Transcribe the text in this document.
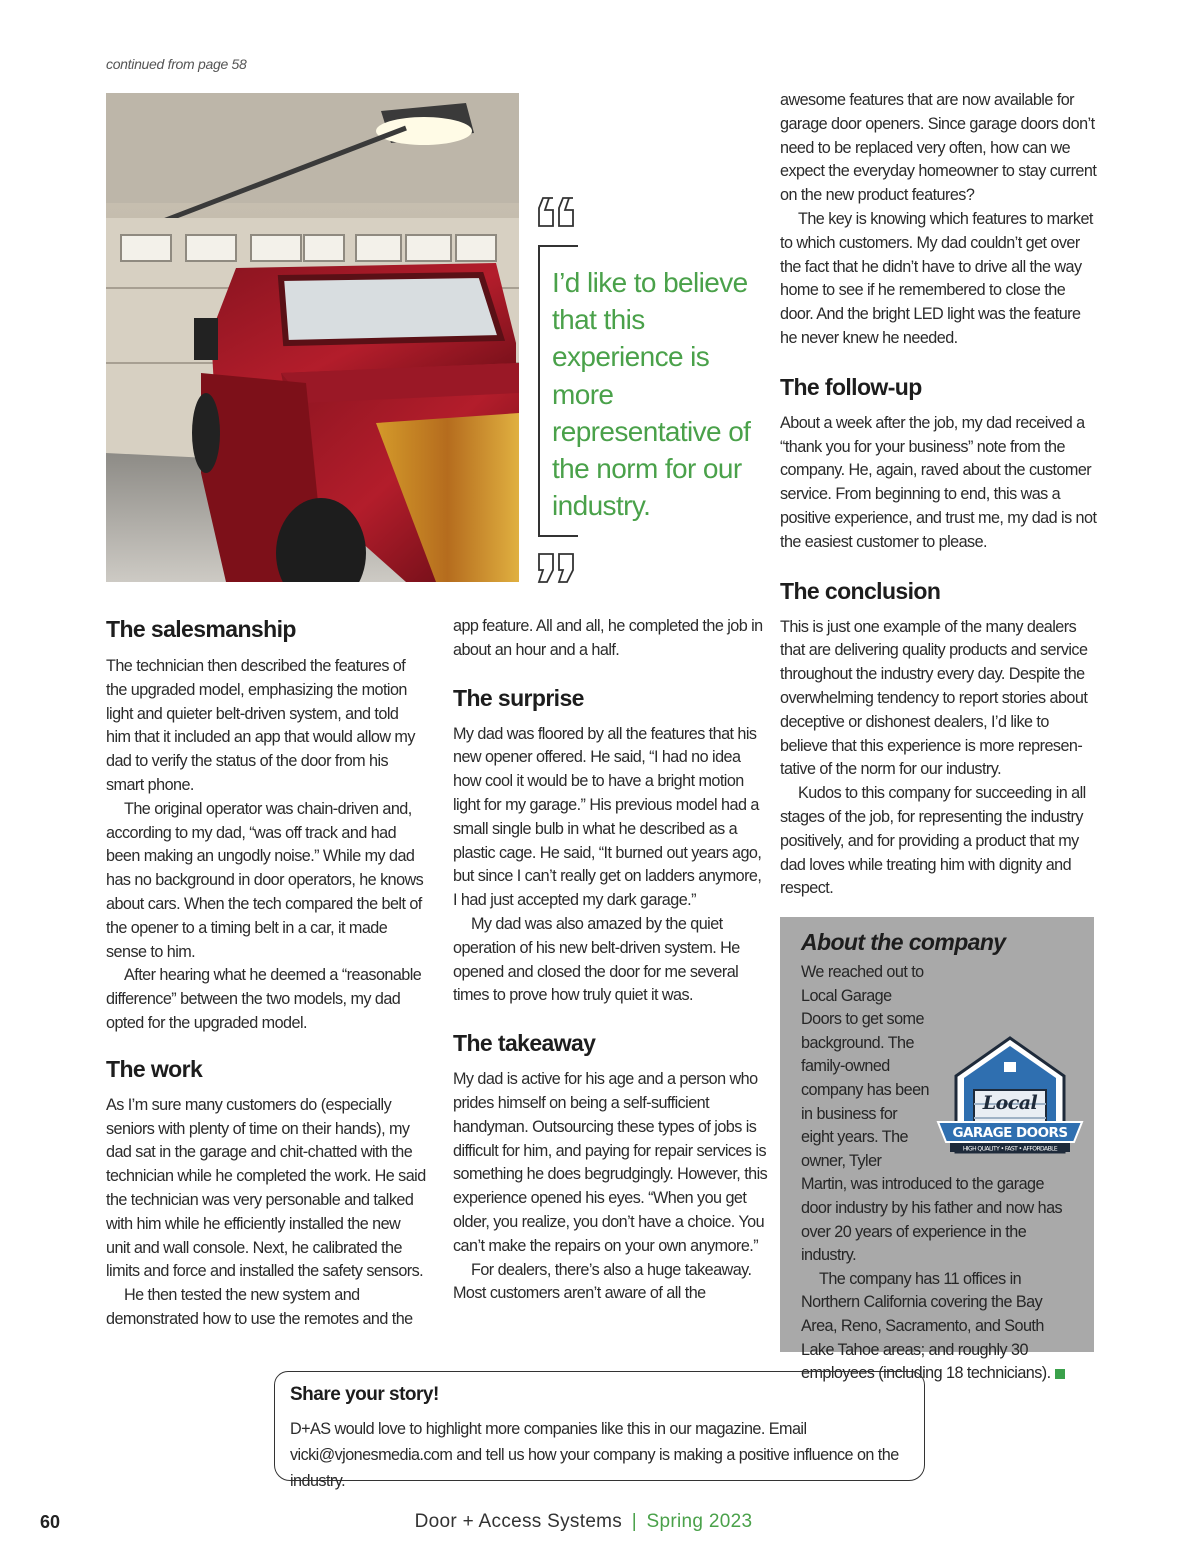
continued from page 58
I’d like to believe that this experience is more representative of the norm for our industry.
The salesmanship

The technician then described the features of the upgraded model, emphasizing the motion light and quieter belt-driven system, and told him that it included an app that would allow my dad to verify the status of the door from his smart phone.

The original operator was chain-driven and, according to my dad, “was off track and had been making an ungodly noise.” While my dad has no background in door operators, he knows about cars. When the tech compared the belt of the opener to a timing belt in a car, it made sense to him.

After hearing what he deemed a “reasonable difference” between the two models, my dad opted for the upgraded model.

The work

As I’m sure many customers do (especially seniors with plenty of time on their hands), my dad sat in the garage and chit-chatted with the technician while he completed the work. He said the technician was very personable and talked with him while he efficiently installed the new unit and wall console. Next, he calibrated the limits and force and installed the safety sensors.

He then tested the new system and demonstrated how to use the remotes and the

app feature. All and all, he completed the job in about an hour and a half.

The surprise

My dad was floored by all the features that his new opener offered. He said, “I had no idea how cool it would be to have a bright motion light for my garage.” His previous model had a small single bulb in what he described as a plastic cage. He said, “It burned out years ago, but since I can’t really get on ladders anymore, I had just accepted my dark garage.”

My dad was also amazed by the quiet operation of his new belt-driven system. He opened and closed the door for me several times to prove how truly quiet it was.

The takeaway

My dad is active for his age and a person who prides himself on being a self-sufficient handyman. Outsourcing these types of jobs is difficult for him, and paying for repair services is something he does begrudgingly. However, this experience opened his eyes. “When you get older, you realize, you don’t have a choice. You can’t make the repairs on your own anymore.”

For dealers, there’s also a huge takeaway. Most customers aren’t aware of all the

awesome features that are now available for garage door openers. Since garage doors don’t need to be replaced very often, how can we expect the everyday homeowner to stay current on the new product features?

The key is knowing which features to market to which customers. My dad couldn’t get over the fact that he didn’t have to drive all the way home to see if he remembered to close the door. And the bright LED light was the feature he never knew he needed.

The follow-up

About a week after the job, my dad received a “thank you for your business” note from the company. He, again, raved about the customer service. From beginning to end, this was a positive experience, and trust me, my dad is not the easiest customer to please.

The conclusion

This is just one example of the many dealers that are delivering quality products and service throughout the industry every day. Despite the overwhelming tendency to report stories about deceptive or dishonest dealers, I’d like to believe that this experience is more represen-tative of the norm for our industry.

Kudos to this company for succeeding in all stages of the job, for representing the industry positively, and for providing a product that my dad loves while treating him with dignity and respect.

About the company

Local
GARAGE DOORS
HIGH QUALITY • FAST • AFFORDABLE
We reached out to Local Garage Doors to get some background. The family-owned company has been in business for eight years. The owner, Tyler Martin, was introduced to the garage door industry by his father and now has over 20 years of experience in the industry.

The company has 11 offices in Northern California covering the Bay Area, Reno, Sacramento, and South Lake Tahoe areas; and roughly 30 employees (including 18 technicians).

Share your story!
D+AS would love to highlight more companies like this in our magazine. Email vicki@vjonesmedia.com and tell us how your company is making a positive influence on the industry.
60	Door + Access Systems | Spring 2023
